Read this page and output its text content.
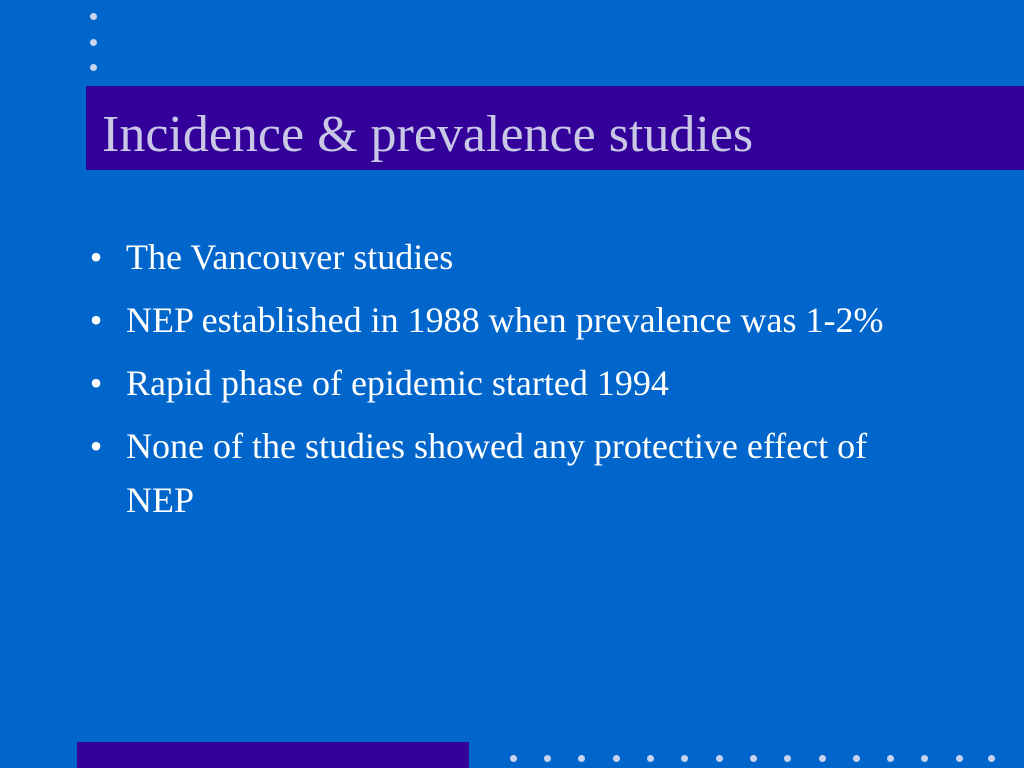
Incidence & prevalence studies
• The Vancouver studies
• NEP established in 1988 when prevalence was 1-2%
• Rapid phase of epidemic started 1994
• None of the studies showed any protective effect of NEP
